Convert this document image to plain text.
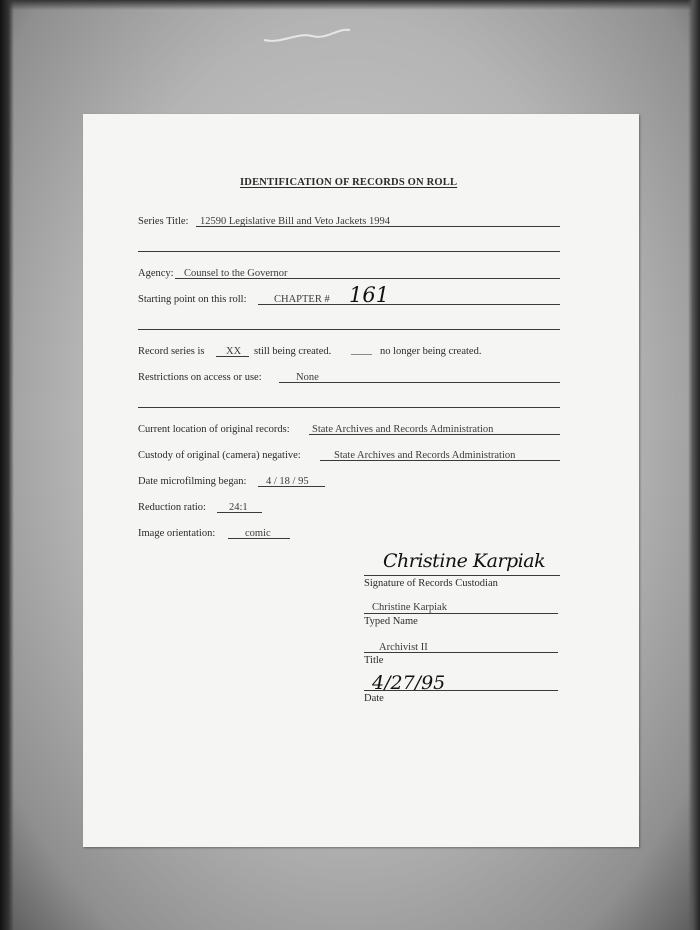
IDENTIFICATION OF RECORDS ON ROLL
Series Title: 12590 Legislative Bill and Veto Jackets 1994
Agency: Counsel to the Governor
Starting point on this roll:	CHAPTER # 161
Record series is XX still being created. ____ no longer being created.
Restrictions on access or use:	None
Current location of original records: State Archives and Records Administration
Custody of original (camera) negative:	State Archives and Records Administration
Date microfilming began: 4 / 18 / 95
Reduction ratio: 24:1
Image orientation:	comic
Christine Karpiak
Signature of Records Custodian
Christine Karpiak
Typed Name
Archivist II
Title
4/27/95
Date
